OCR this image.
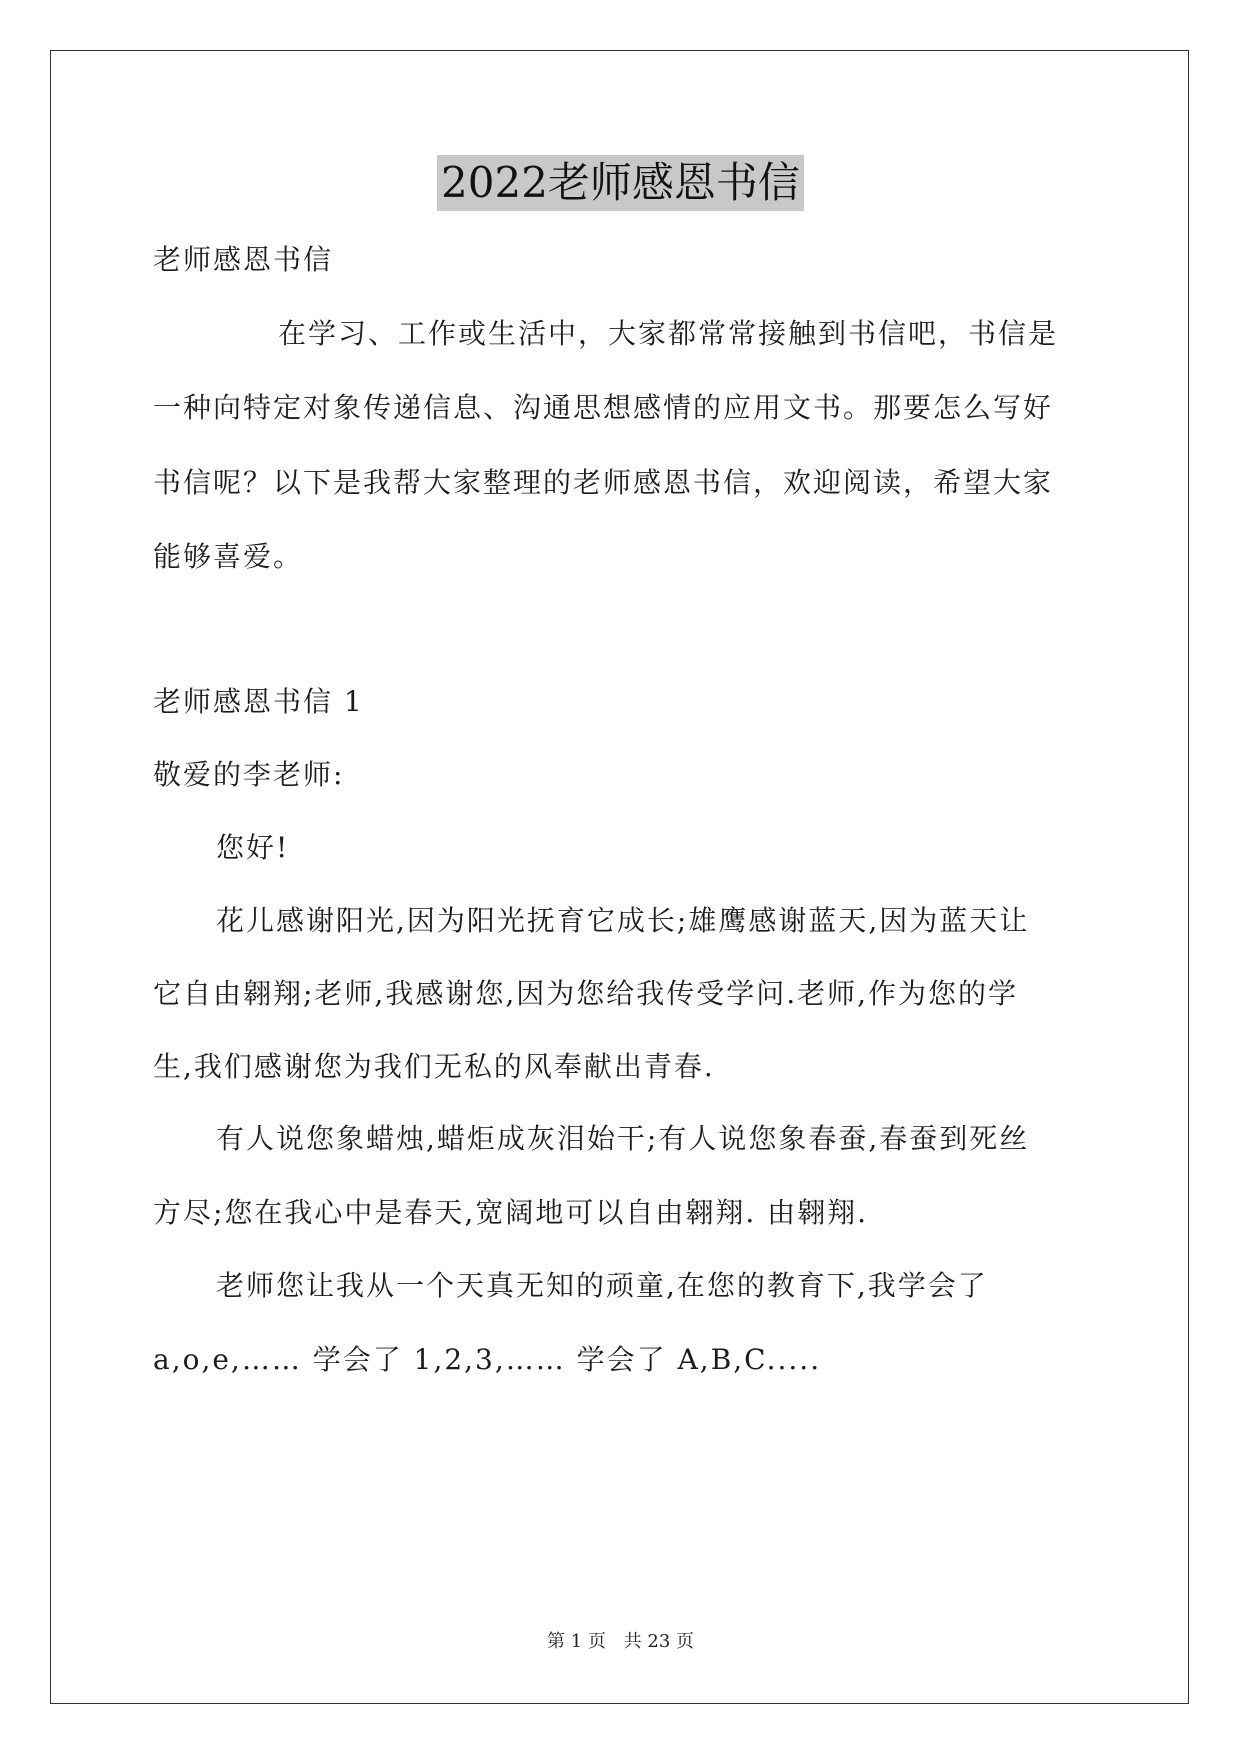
2022老师感恩书信
老师感恩书信
在学习、工作或生活中，大家都常常接触到书信吧，书信是
一种向特定对象传递信息、沟通思想感情的应用文书。那要怎么写好
书信呢？以下是我帮大家整理的老师感恩书信，欢迎阅读，希望大家
能够喜爱。
老师感恩书信 1
敬爱的李老师:
您好!
花儿感谢阳光,因为阳光抚育它成长;雄鹰感谢蓝天,因为蓝天让
它自由翱翔;老师,我感谢您,因为您给我传受学问.老师,作为您的学
生,我们感谢您为我们无私的风奉献出青春.
有人说您象蜡烛,蜡炬成灰泪始干;有人说您象春蚕,春蚕到死丝
方尽;您在我心中是春天,宽阔地可以自由翱翔. 由翱翔.
老师您让我从一个天真无知的顽童,在您的教育下,我学会了
a,o,e,…… 学会了 1,2,3,…… 学会了 A,B,C.....
第 1 页 共 23 页
